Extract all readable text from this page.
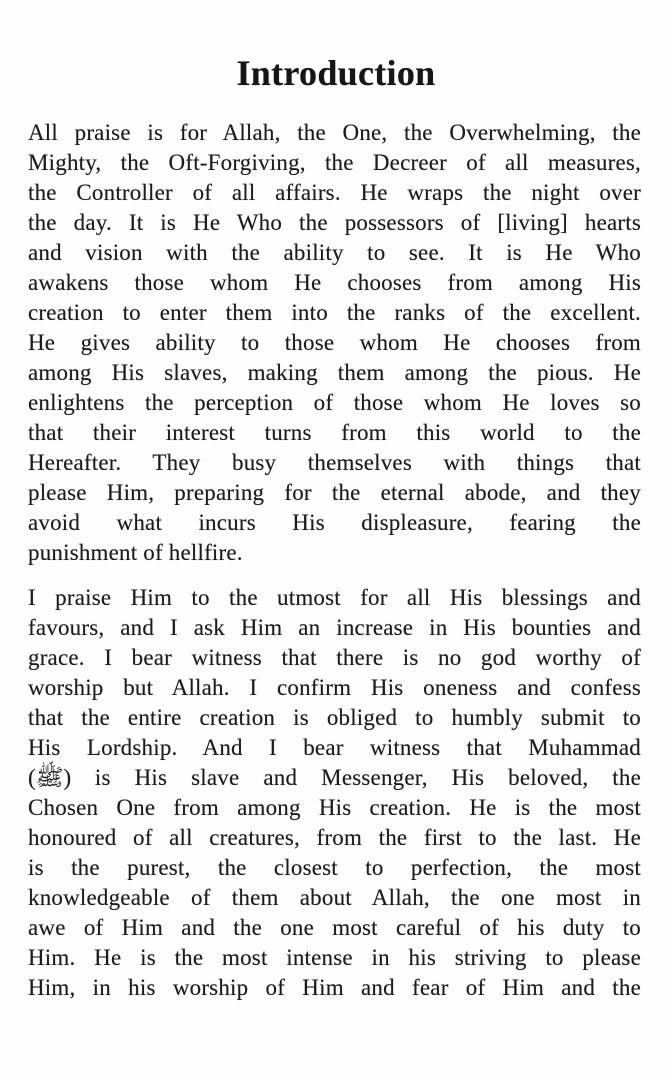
Introduction
All praise is for Allah, the One, the Overwhelming, the
Mighty, the Oft-Forgiving, the Decreer of all measures,
the Controller of all affairs. He wraps the night over
the day. It is He Who the possessors of [living] hearts
and vision with the ability to see. It is He Who
awakens those whom He chooses from among His
creation to enter them into the ranks of the excellent.
He gives ability to those whom He chooses from
among His slaves, making them among the pious. He
enlightens the perception of those whom He loves so
that their interest turns from this world to the
Hereafter. They busy themselves with things that
please Him, preparing for the eternal abode, and they
avoid what incurs His displeasure, fearing the
punishment of hellfire.
I praise Him to the utmost for all His blessings and
favours, and I ask Him an increase in His bounties and
grace. I bear witness that there is no god worthy of
worship but Allah. I confirm His oneness and confess
that the entire creation is obliged to humbly submit to
His Lordship. And I bear witness that Muhammad
(ﷺ) is His slave and Messenger, His beloved, the
Chosen One from among His creation. He is the most
honoured of all creatures, from the first to the last. He
is the purest, the closest to perfection, the most
knowledgeable of them about Allah, the one most in
awe of Him and the one most careful of his duty to
Him. He is the most intense in his striving to please
Him, in his worship of Him and fear of Him and the
